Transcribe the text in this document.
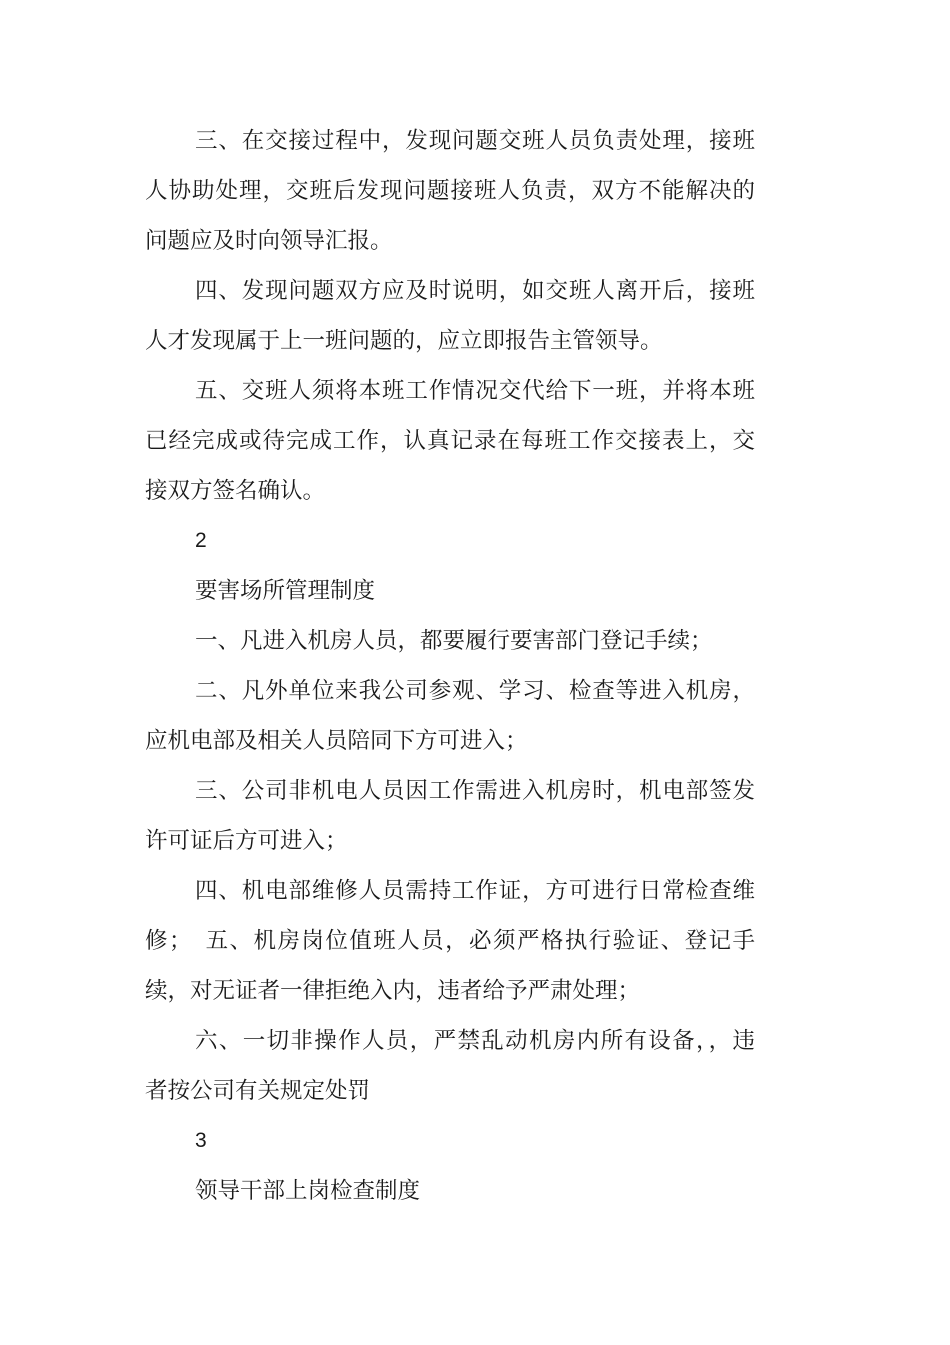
三、在交接过程中，发现问题交班人员负责处理，接班
人协助处理，交班后发现问题接班人负责，双方不能解决的
问题应及时向领导汇报。
四、发现问题双方应及时说明，如交班人离开后，接班
人才发现属于上一班问题的，应立即报告主管领导。
五、交班人须将本班工作情况交代给下一班，并将本班
已经完成或待完成工作，认真记录在每班工作交接表上，交
接双方签名确认。
2
要害场所管理制度
一、凡进入机房人员，都要履行要害部门登记手续；
二、凡外单位来我公司参观、学习、检查等进入机房，
应机电部及相关人员陪同下方可进入；
三、公司非机电人员因工作需进入机房时，机电部签发
许可证后方可进入；
四、机电部维修人员需持工作证，方可进行日常检查维
修；　五、机房岗位值班人员，必须严格执行验证、登记手
续，对无证者一律拒绝入内，违者给予严肃处理；
六、一切非操作人员，严禁乱动机房内所有设备，，违
者按公司有关规定处罚
3
领导干部上岗检查制度
